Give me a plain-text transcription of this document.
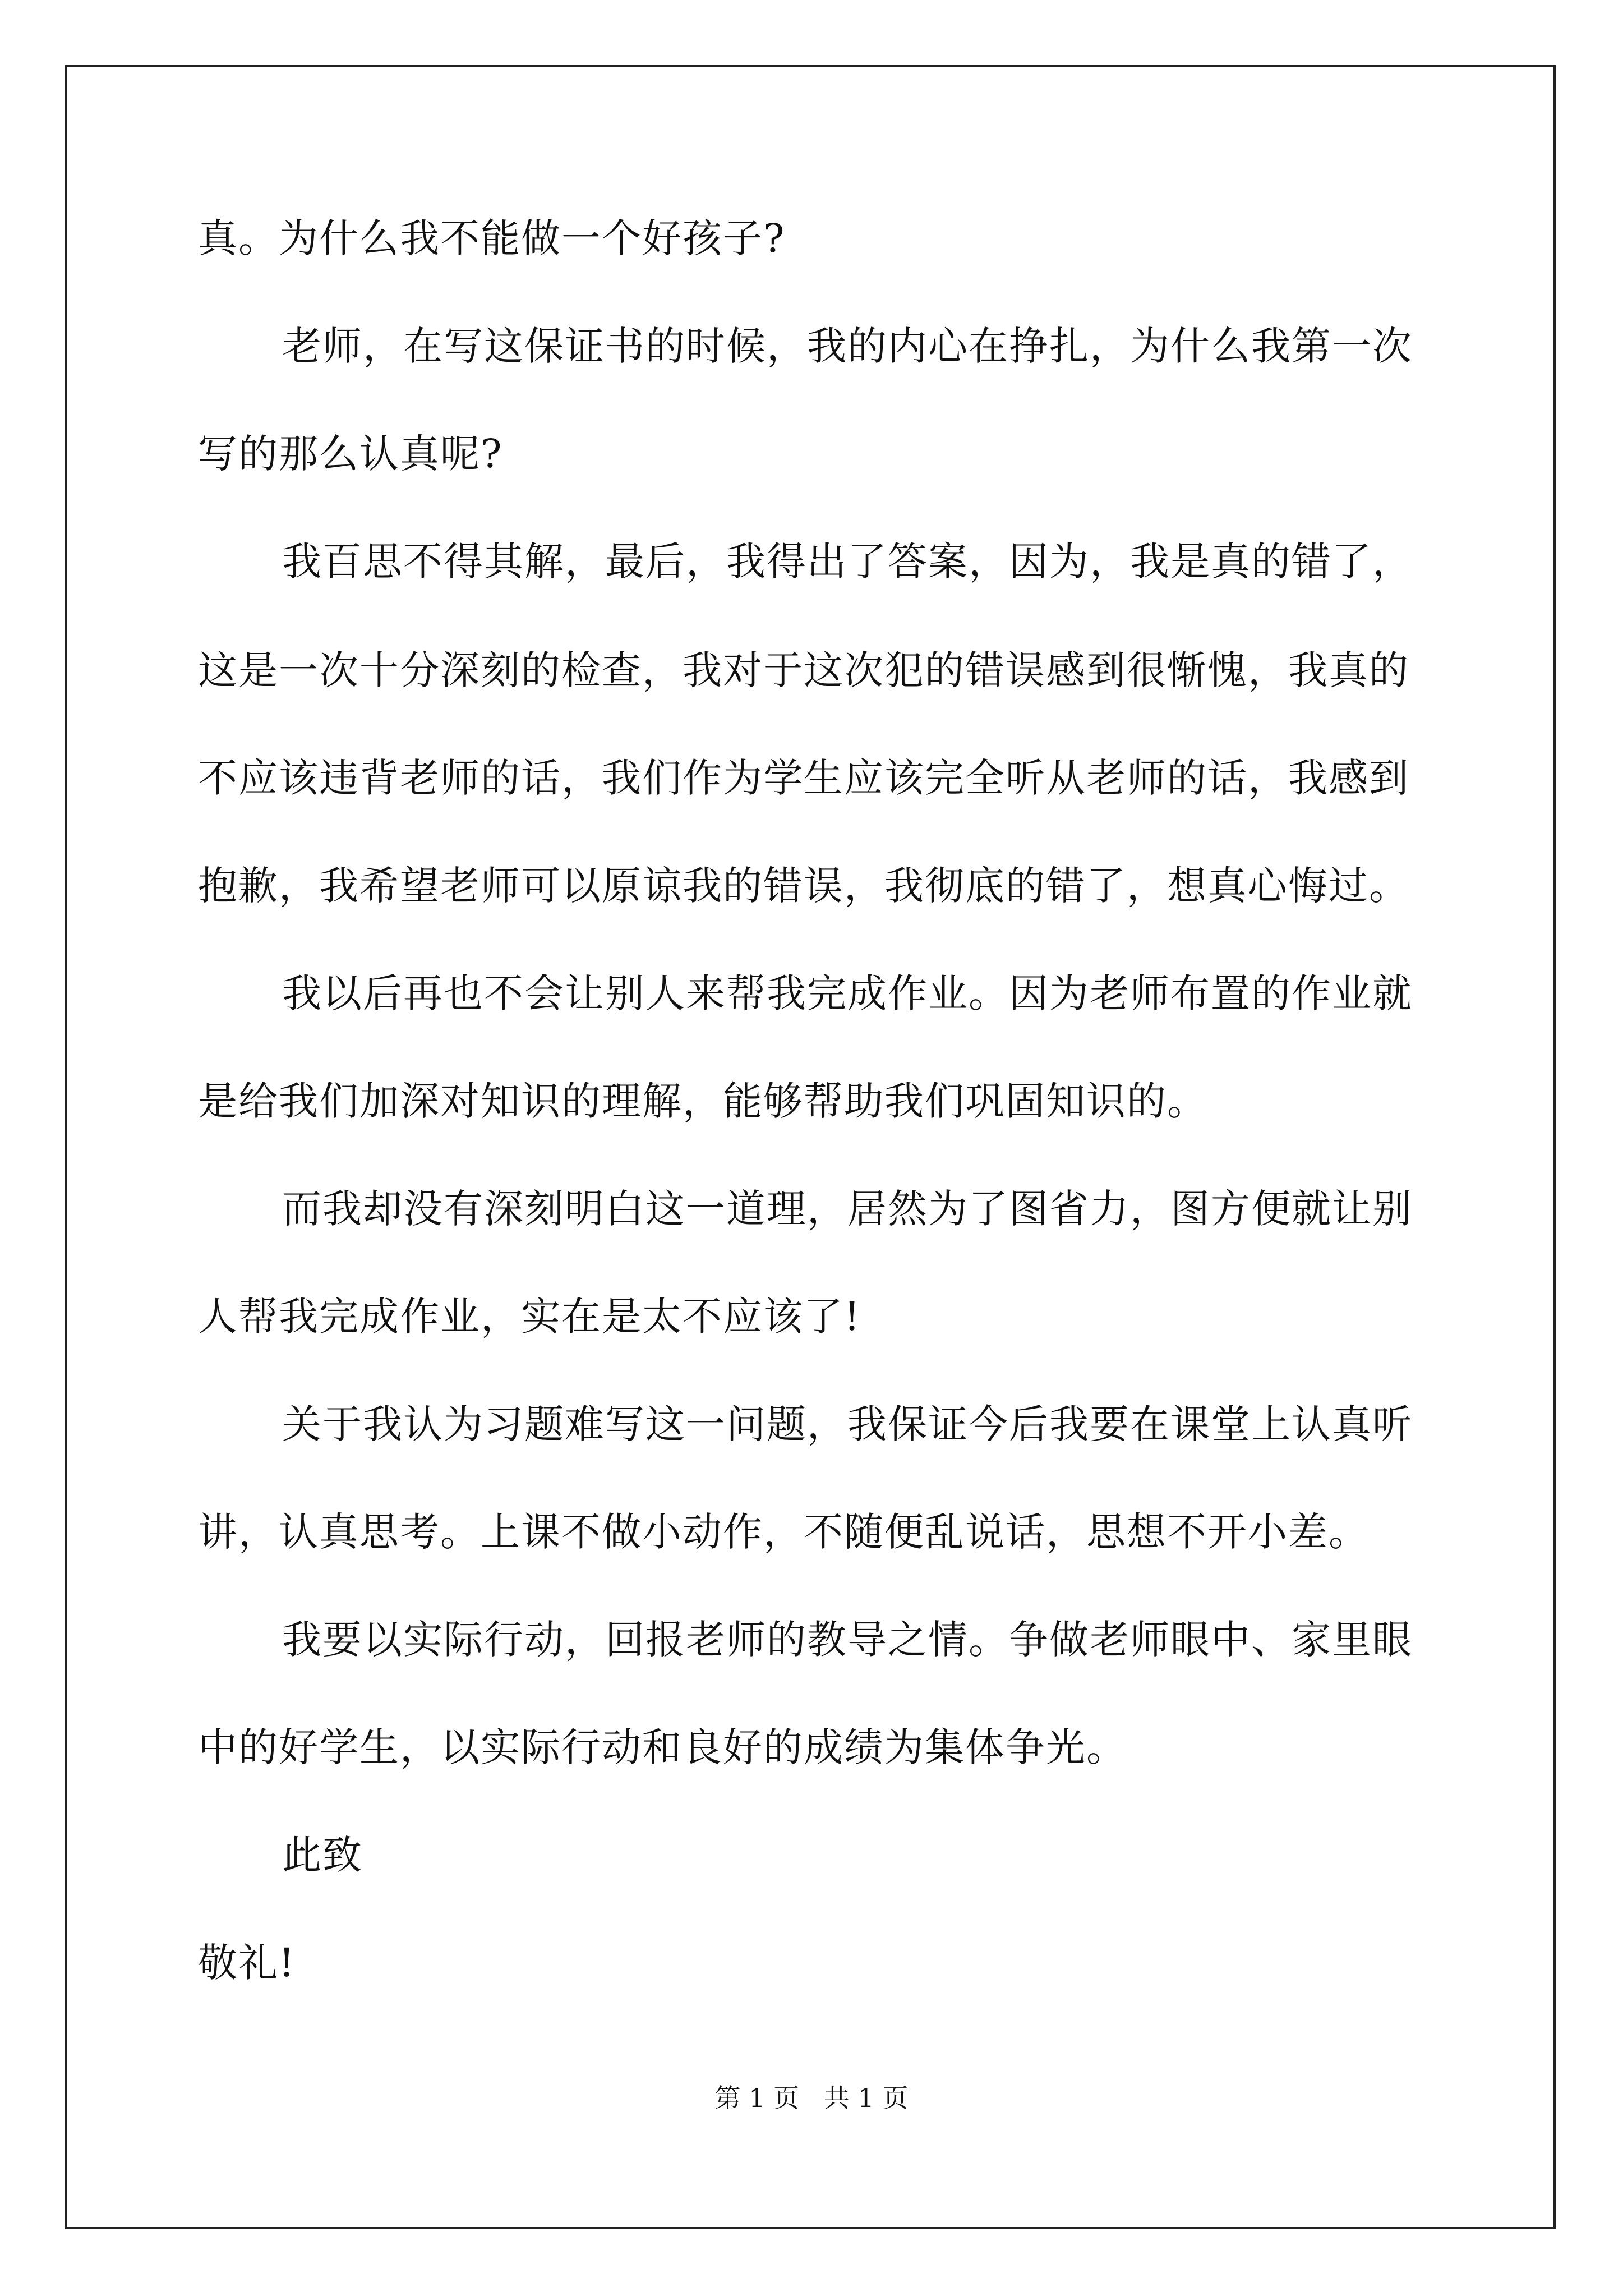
真。为什么我不能做一个好孩子?
老师，在写这保证书的时候，我的内心在挣扎，为什么我第一次
写的那么认真呢?
我百思不得其解，最后，我得出了答案，因为，我是真的错了，
这是一次十分深刻的检查，我对于这次犯的错误感到很惭愧，我真的
不应该违背老师的话，我们作为学生应该完全听从老师的话，我感到
抱歉，我希望老师可以原谅我的错误，我彻底的错了，想真心悔过。
我以后再也不会让别人来帮我完成作业。因为老师布置的作业就
是给我们加深对知识的理解，能够帮助我们巩固知识的。
而我却没有深刻明白这一道理，居然为了图省力，图方便就让别
人帮我完成作业，实在是太不应该了!
关于我认为习题难写这一问题，我保证今后我要在课堂上认真听
讲，认真思考。上课不做小动作，不随便乱说话，思想不开小差。
我要以实际行动，回报老师的教导之情。争做老师眼中、家里眼
中的好学生，以实际行动和良好的成绩为集体争光。
此致
敬礼!
第 1 页   共 1 页
